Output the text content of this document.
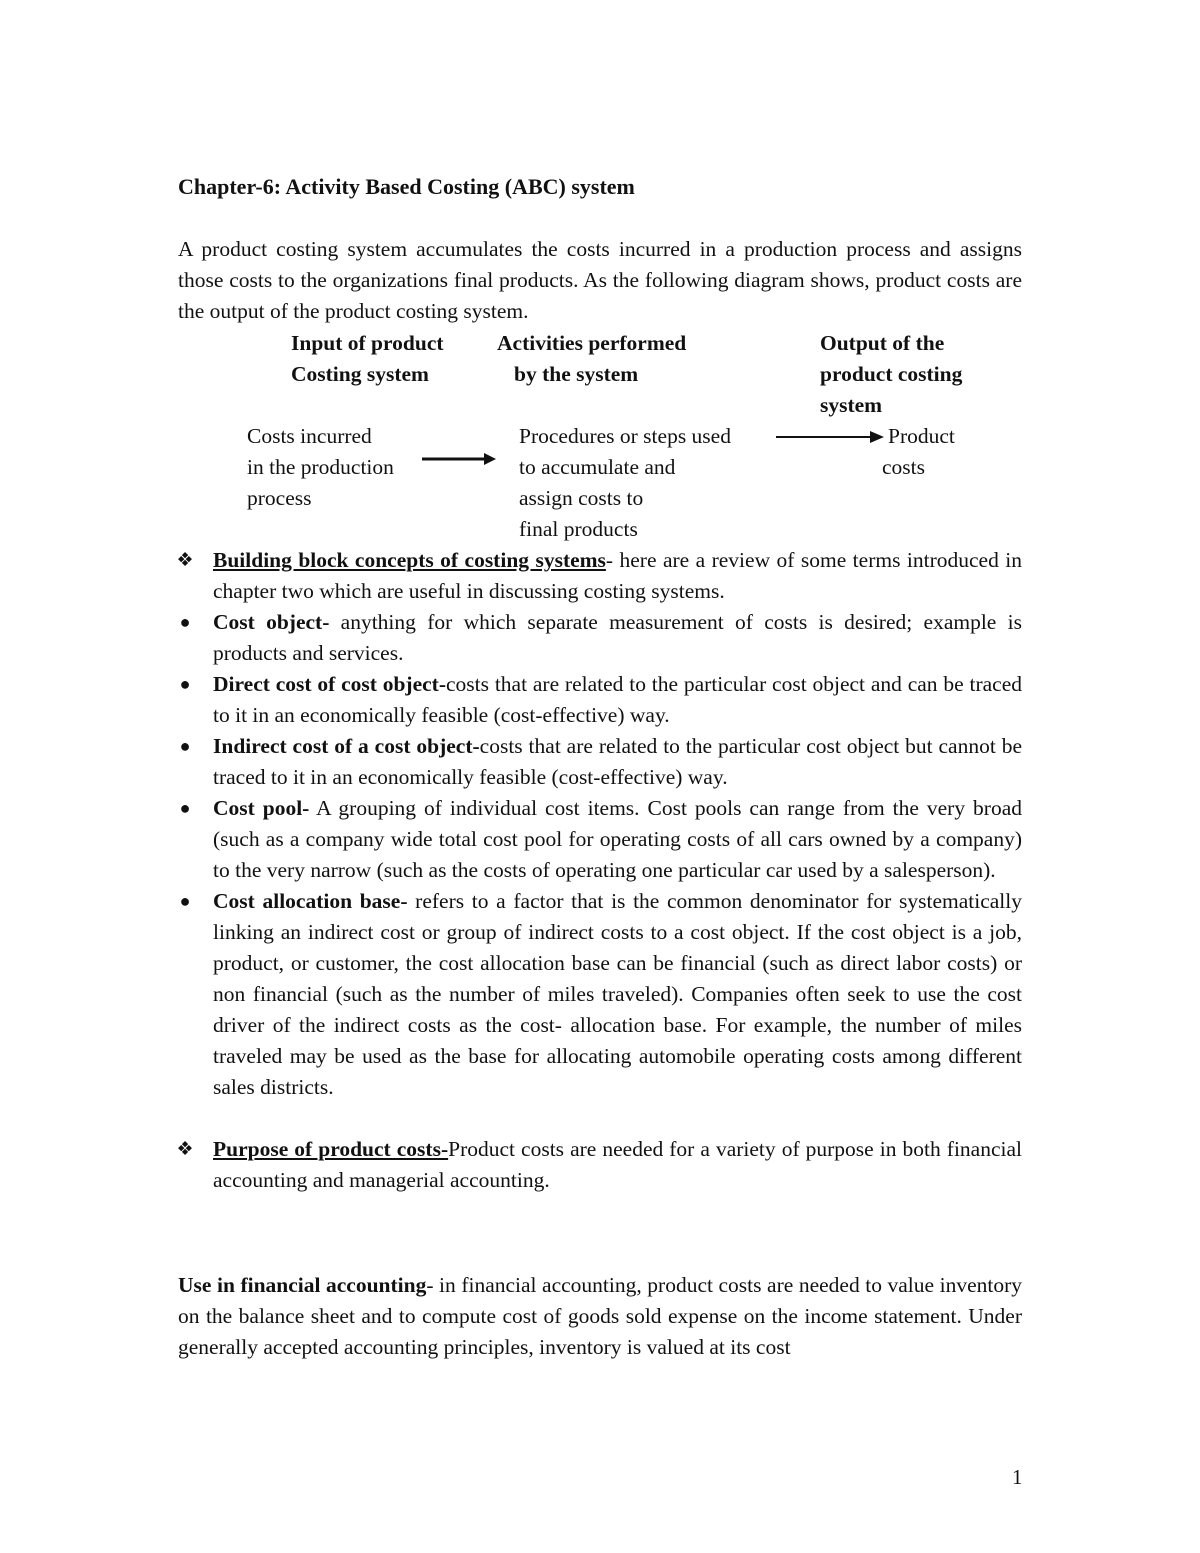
Chapter-6: Activity Based Costing (ABC) system
A product costing system accumulates the costs incurred in a production process and assigns those costs to the organizations final products. As the following diagram shows, product costs are the output of the product costing system.
Input of product
Costing system
Activities performed
by the system
Output of the
product costing
system
Costs incurred
in the production
process
Procedures or steps used
to accumulate and
assign costs to
final products
Product
costs
❖ Building block concepts of costing systems- here are a review of some terms introduced in chapter two which are useful in discussing costing systems.
● Cost object- anything for which separate measurement of costs is desired; example is products and services.
● Direct cost of cost object-costs that are related to the particular cost object and can be traced to it in an economically feasible (cost-effective) way.
● Indirect cost of a cost object-costs that are related to the particular cost object but cannot be traced to it in an economically feasible (cost-effective) way.
● Cost pool- A grouping of individual cost items. Cost pools can range from the very broad (such as a company wide total cost pool for operating costs of all cars owned by a company) to the very narrow (such as the costs of operating one particular car used by a salesperson).
● Cost allocation base- refers to a factor that is the common denominator for systematically linking an indirect cost or group of indirect costs to a cost object. If the cost object is a job, product, or customer, the cost allocation base can be financial (such as direct labor costs) or non financial (such as the number of miles traveled). Companies often seek to use the cost driver of the indirect costs as the cost- allocation base. For example, the number of miles traveled may be used as the base for allocating automobile operating costs among different sales districts.
❖ Purpose of product costs-Product costs are needed for a variety of purpose in both financial accounting and managerial accounting.
Use in financial accounting- in financial accounting, product costs are needed to value inventory on the balance sheet and to compute cost of goods sold expense on the income statement. Under generally accepted accounting principles, inventory is valued at its cost
1
